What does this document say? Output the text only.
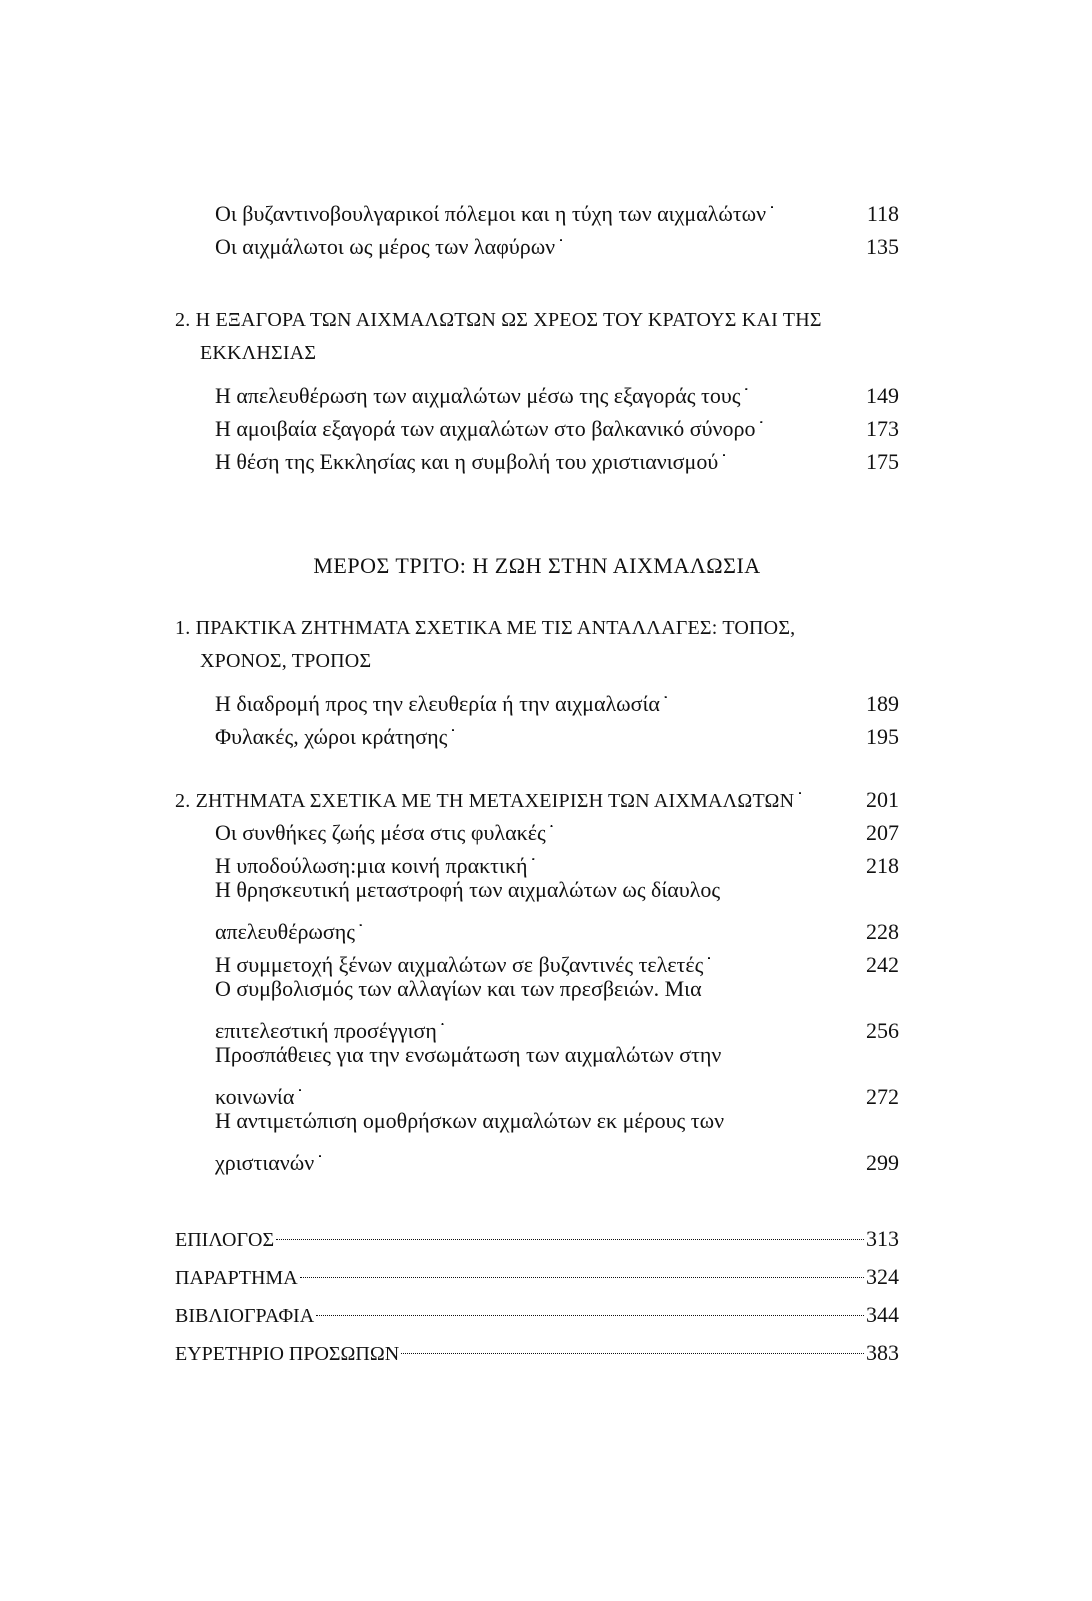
Οι βυζαντινοβουλγαρικοί πόλεμοι και η τύχη των αιχμαλώτων . . .	118
Οι αιχμάλωτοι ως μέρος των λαφύρων . . .	135
2. Η ΕΞΑΓΟΡΑ ΤΩΝ ΑΙΧΜΑΛΩΤΩΝ ΩΣ ΧΡΕΟΣ ΤΟΥ ΚΡΑΤΟΥΣ ΚΑΙ ΤΗΣ
ΕΚΚΛΗΣΙΑΣ
Η απελευθέρωση των αιχμαλώτων μέσω της εξαγοράς τους . . .	149
Η αμοιβαία εξαγορά των αιχμαλώτων στο βαλκανικό σύνορο . . .	173
Η θέση της Εκκλησίας και η συμβολή του χριστιανισμού . . .	175
ΜΕΡΟΣ ΤΡΙΤΟ: Η ΖΩΗ ΣΤΗΝ ΑΙΧΜΑΛΩΣΙΑ
1. ΠΡΑΚΤΙΚΑ ΖΗΤΗΜΑΤΑ ΣΧΕΤΙΚΑ ΜΕ ΤΙΣ ΑΝΤΑΛΛΑΓΕΣ: ΤΟΠΟΣ,
ΧΡΟΝΟΣ, ΤΡΟΠΟΣ
Η διαδρομή προς την ελευθερία ή την αιχμαλωσία . . .	189
Φυλακές, χώροι κράτησης . . .	195
2. ΖΗΤΗΜΑΤΑ ΣΧΕΤΙΚΑ ΜΕ ΤΗ ΜΕΤΑΧΕΙΡΙΣΗ ΤΩΝ ΑΙΧΜΑΛΩΤΩΝ . . .	201
Οι συνθήκες ζωής μέσα στις φυλακές . . .	207
Η υποδούλωση:μια κοινή πρακτική . . .	218
Η θρησκευτική μεταστροφή των αιχμαλώτων ως δίαυλος
απελευθέρωσης . . .	228
Η συμμετοχή ξένων αιχμαλώτων σε βυζαντινές τελετές . . .	242
Ο συμβολισμός των αλλαγίων και των πρεσβειών. Μια
επιτελεστική προσέγγιση . . .	256
Προσπάθειες για την ενσωμάτωση των αιχμαλώτων στην
κοινωνία . . .	272
Η αντιμετώπιση ομοθρήσκων αιχμαλώτων εκ μέρους των
χριστιανών . . .	299
ΕΠΙΛΟΓΟΣ	313
ΠΑΡΑΡΤΗΜΑ	324
ΒΙΒΛΙΟΓΡΑΦΙΑ	344
ΕΥΡΕΤΗΡΙΟ ΠΡΟΣΩΠΩΝ	383
